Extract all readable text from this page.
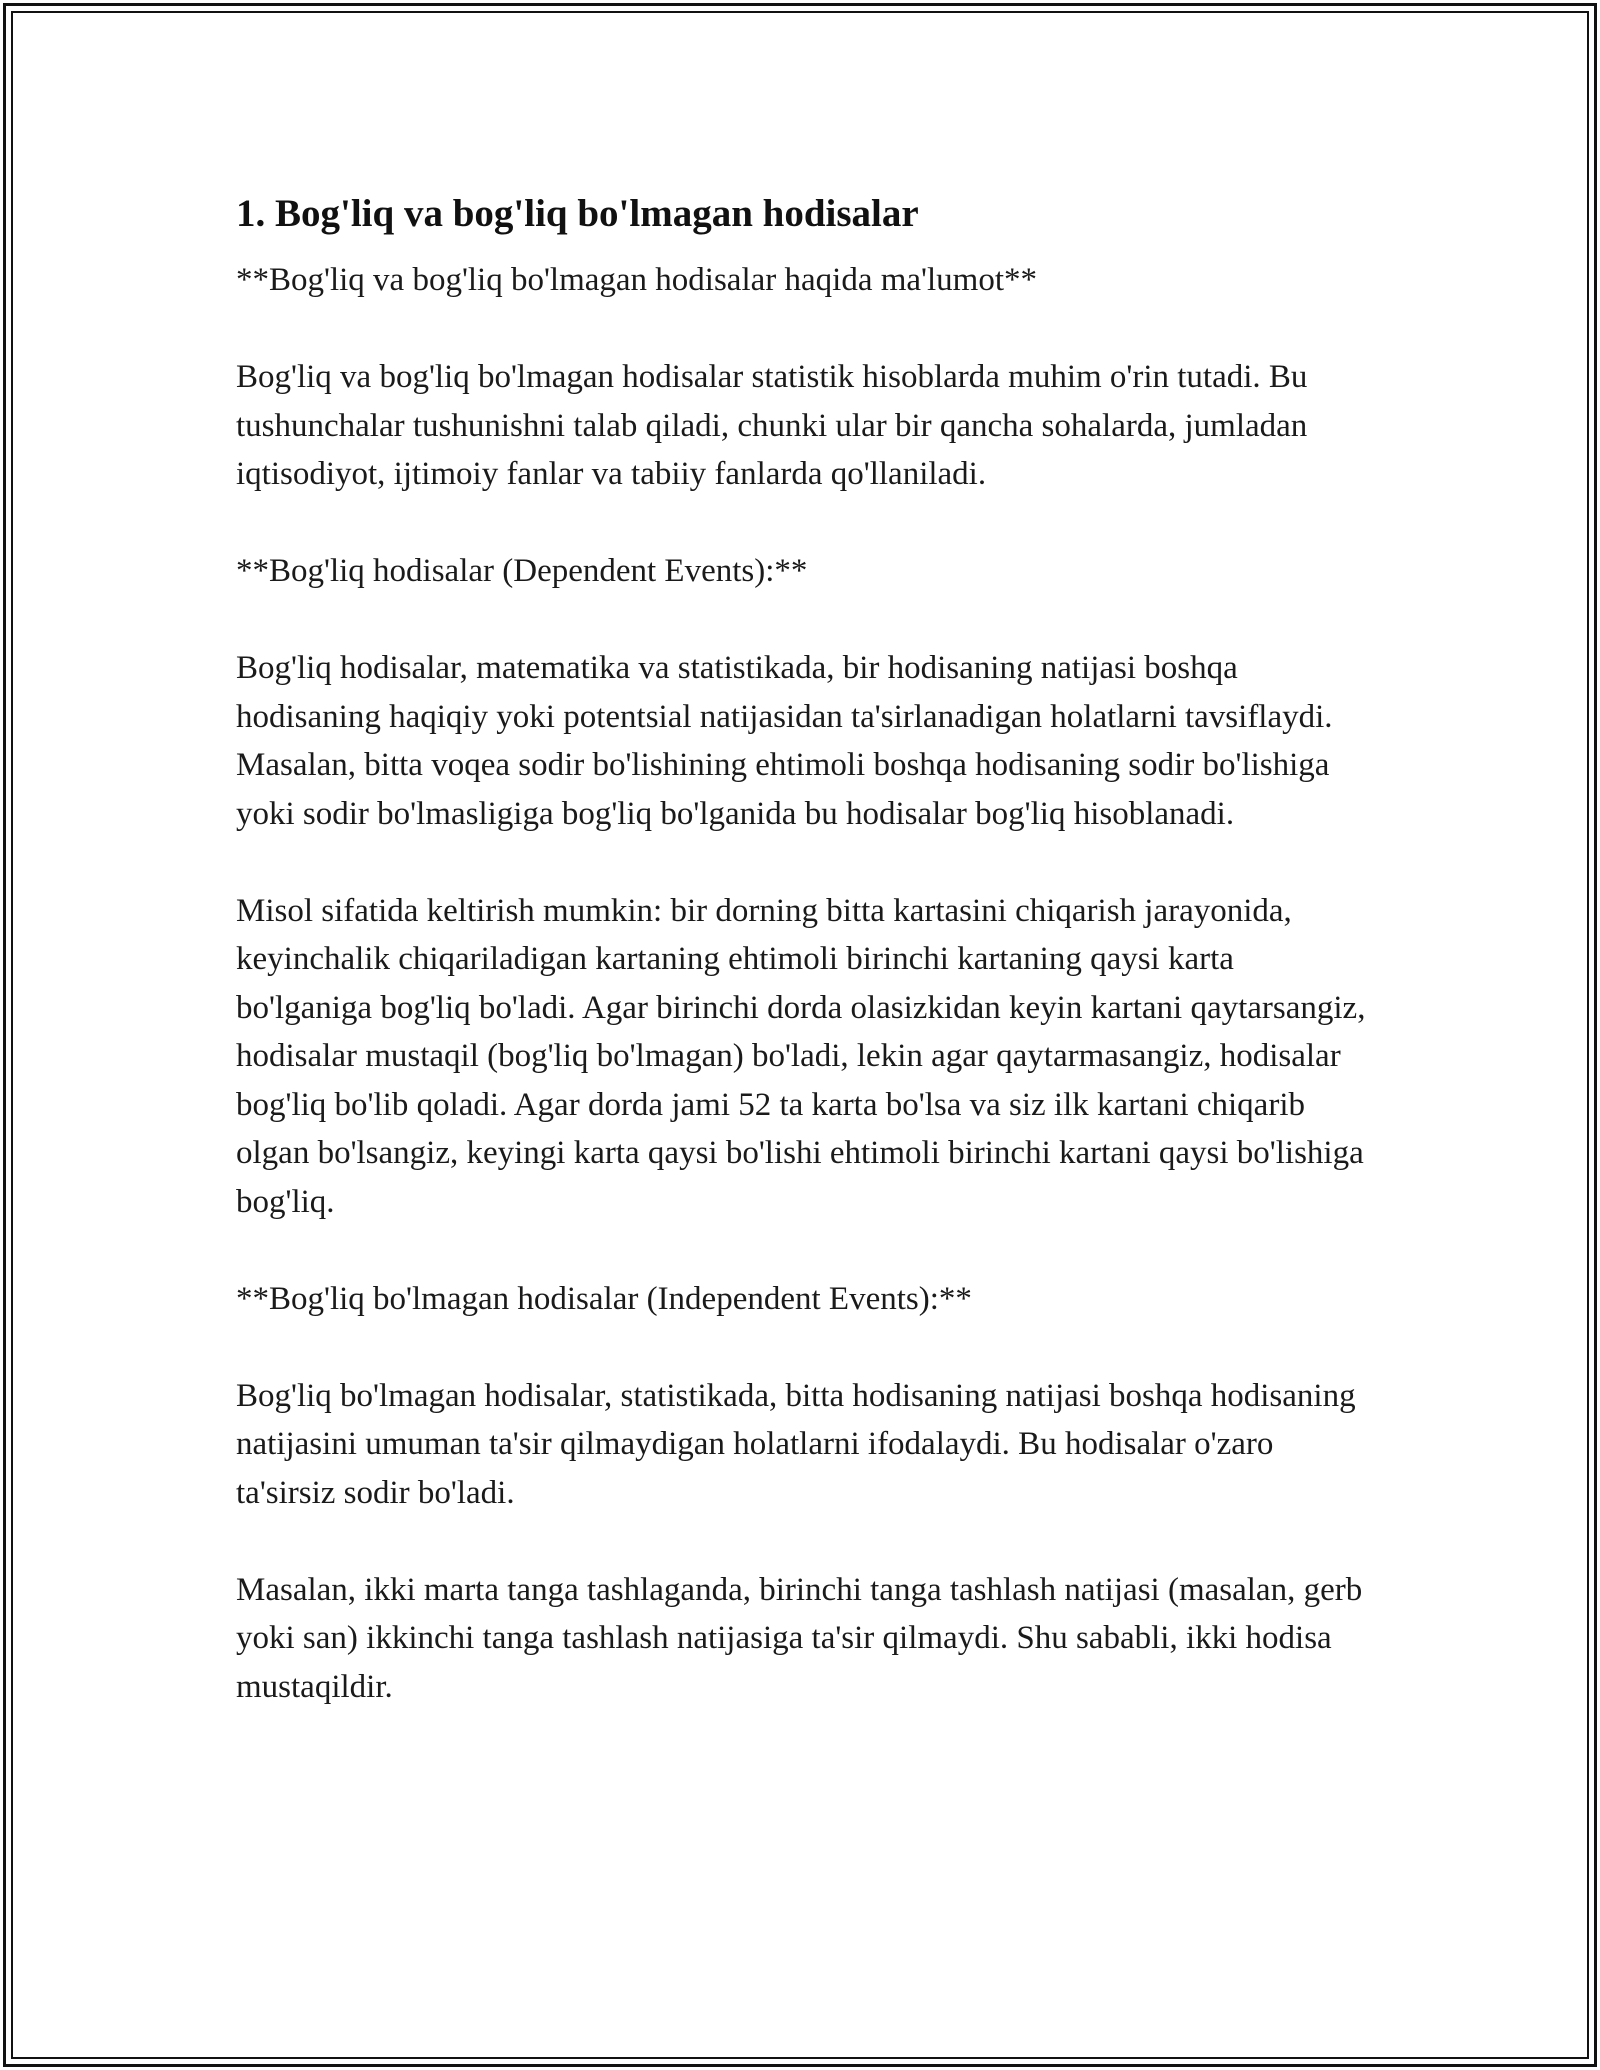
1. Bog'liq va bog'liq bo'lmagan hodisalar

**Bog'liq va bog'liq bo'lmagan hodisalar haqida ma'lumot**

Bog'liq va bog'liq bo'lmagan hodisalar statistik hisoblarda muhim o'rin tutadi. Bu tushunchalar tushunishni talab qiladi, chunki ular bir qancha sohalarda, jumladan iqtisodiyot, ijtimoiy fanlar va tabiiy fanlarda qo'llaniladi.

**Bog'liq hodisalar (Dependent Events):**

Bog'liq hodisalar, matematika va statistikada, bir hodisaning natijasi boshqa hodisaning haqiqiy yoki potentsial natijasidan ta'sirlanadigan holatlarni tavsiflaydi. Masalan, bitta voqea sodir bo'lishining ehtimoli boshqa hodisaning sodir bo'lishiga yoki sodir bo'lmasligiga bog'liq bo'lganida bu hodisalar bog'liq hisoblanadi.

Misol sifatida keltirish mumkin: bir dorning bitta kartasini chiqarish jarayonida, keyinchalik chiqariladigan kartaning ehtimoli birinchi kartaning qaysi karta bo'lganiga bog'liq bo'ladi. Agar birinchi dorda olasizkidan keyin kartani qaytarsangiz, hodisalar mustaqil (bog'liq bo'lmagan) bo'ladi, lekin agar qaytarmasangiz, hodisalar bog'liq bo'lib qoladi. Agar dorda jami 52 ta karta bo'lsa va siz ilk kartani chiqarib olgan bo'lsangiz, keyingi karta qaysi bo'lishi ehtimoli birinchi kartani qaysi bo'lishiga bog'liq.

**Bog'liq bo'lmagan hodisalar (Independent Events):**

Bog'liq bo'lmagan hodisalar, statistikada, bitta hodisaning natijasi boshqa hodisaning natijasini umuman ta'sir qilmaydigan holatlarni ifodalaydi. Bu hodisalar o'zaro ta'sirsiz sodir bo'ladi.

Masalan, ikki marta tanga tashlaganda, birinchi tanga tashlash natijasi (masalan, gerb yoki san) ikkinchi tanga tashlash natijasiga ta'sir qilmaydi. Shu sababli, ikki hodisa mustaqildir.
